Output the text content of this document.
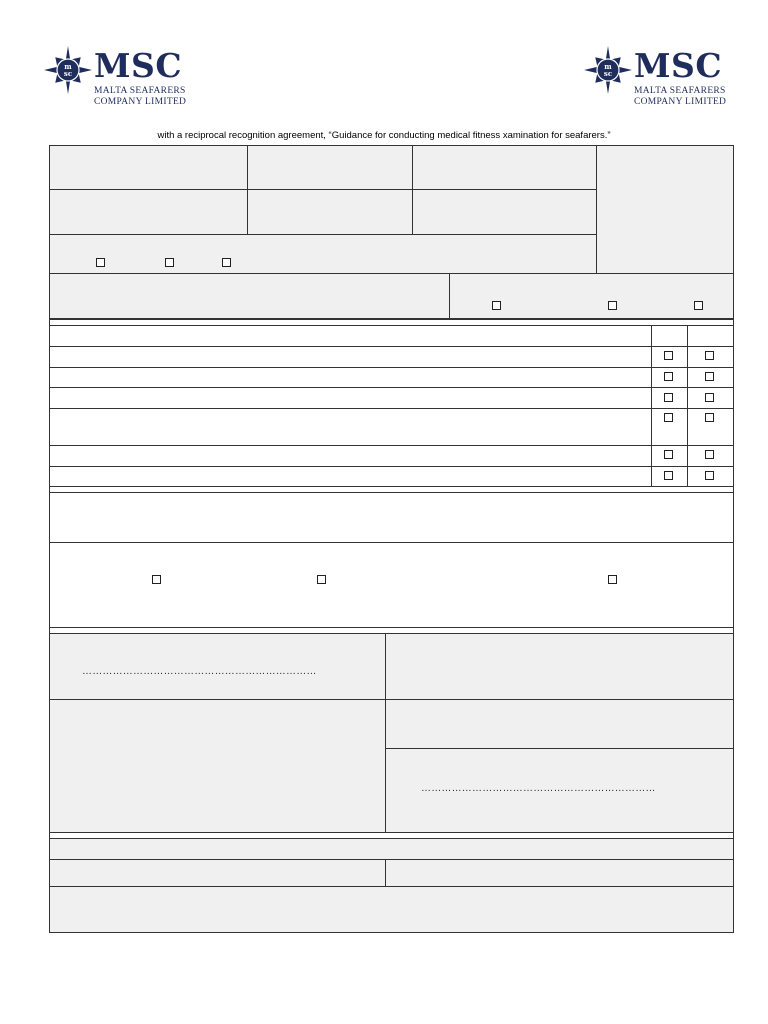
m
sc MSC
MALTA SEAFARERS
COMPANY LIMITED
m
sc MSC
MALTA SEAFARERS
COMPANY LIMITED
with a reciprocal recognition agreement, “Guidance for conducting medical fitness xamination for seafarers.”
……………………………………………………………
……………………………………………………………
